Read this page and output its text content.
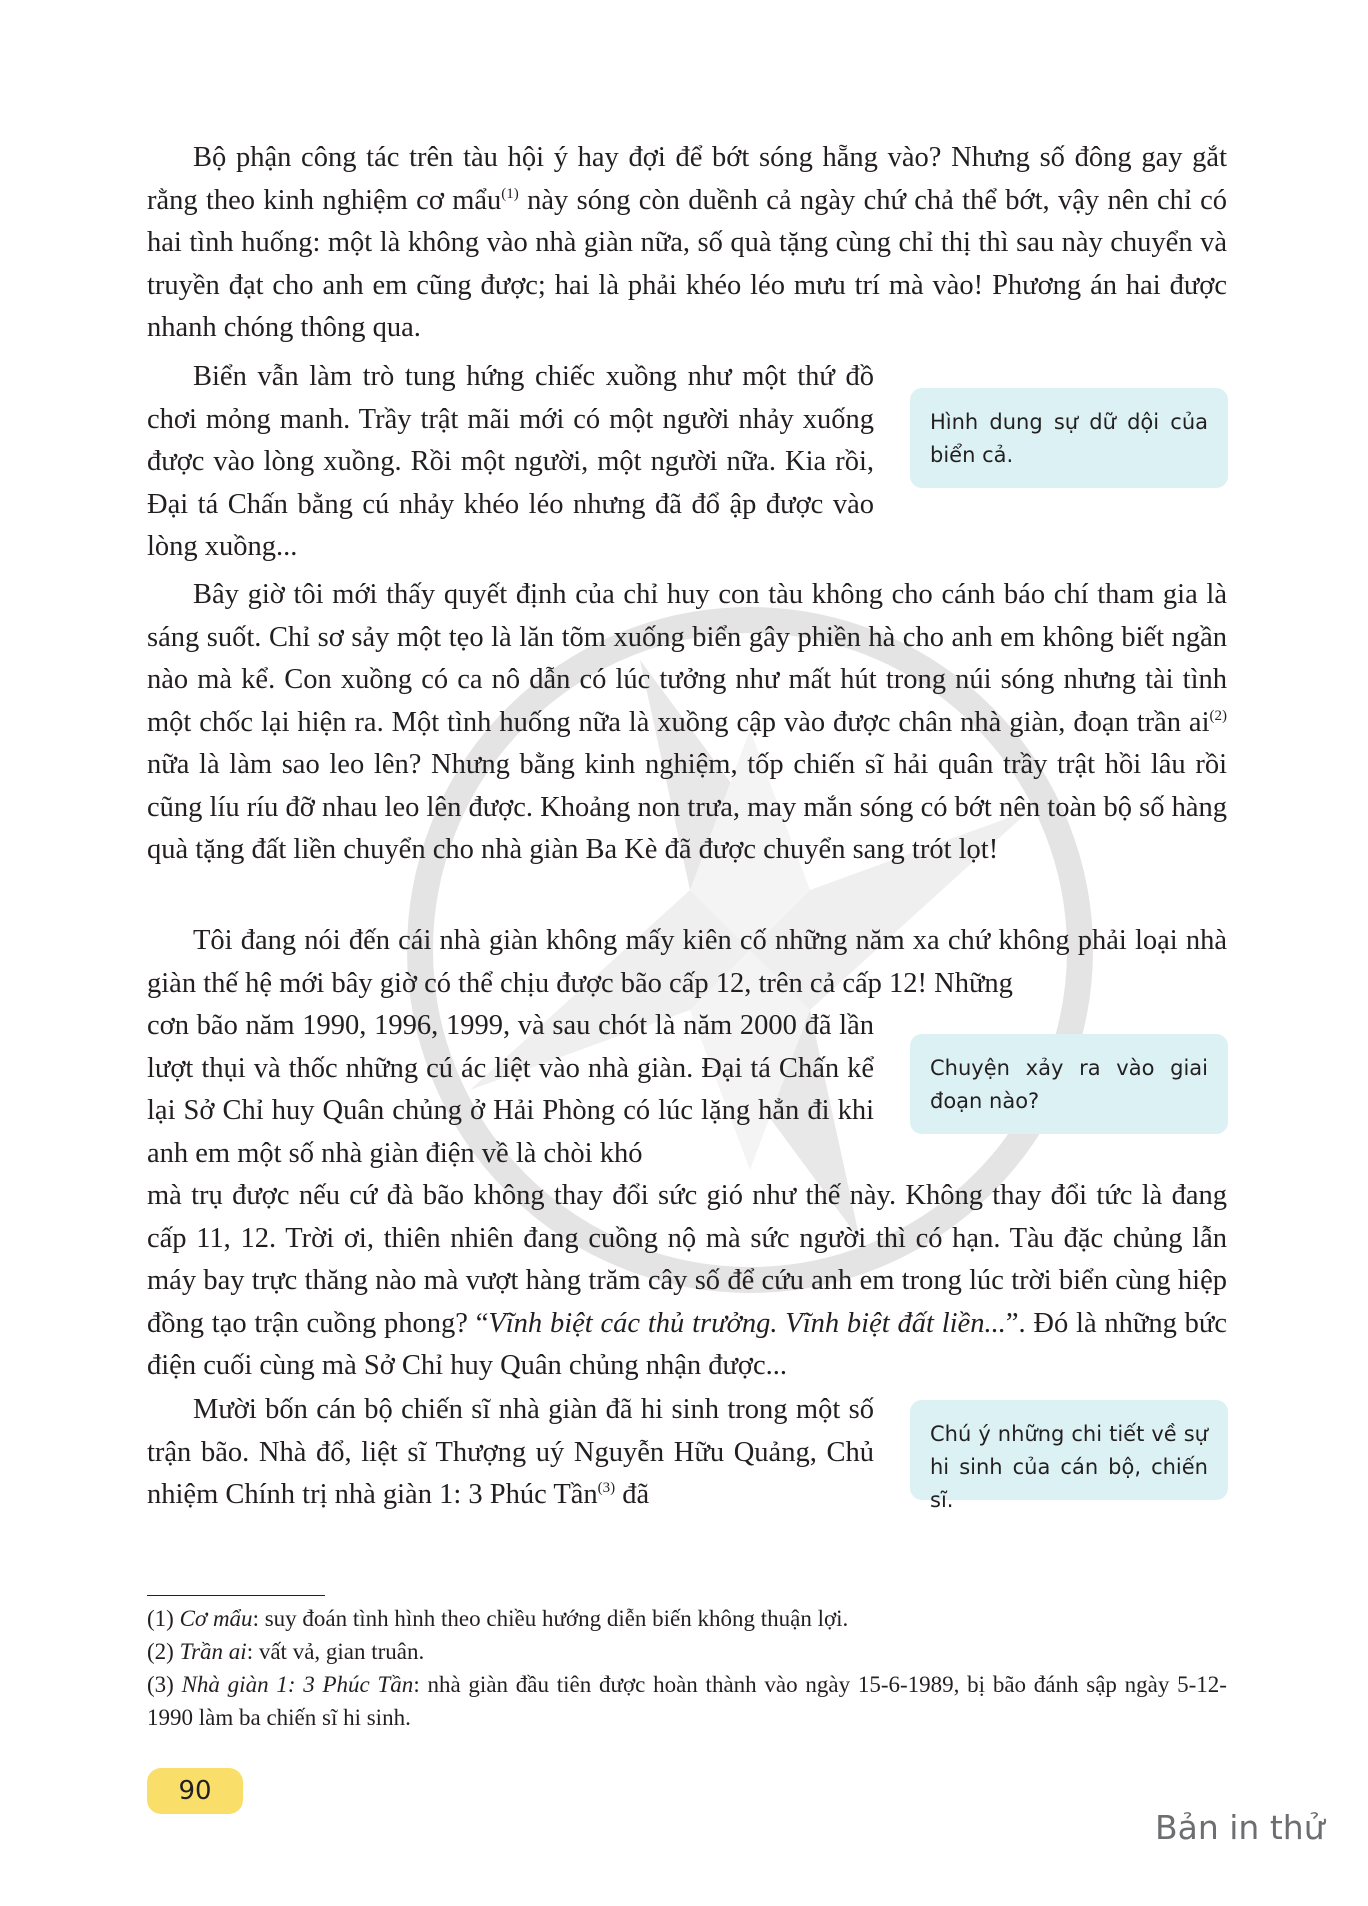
Bộ phận công tác trên tàu hội ý hay đợi để bớt sóng hẵng vào? Nhưng số đông gay gắt rằng theo kinh nghiệm cơ mẩu$^{(1)}$ này sóng còn duềnh cả ngày chứ chả thể bớt, vậy nên chỉ có hai tình huống: một là không vào nhà giàn nữa, số quà tặng cùng chỉ thị thì sau này chuyển và truyền đạt cho anh em cũng được; hai là phải khéo léo mưu trí mà vào! Phương án hai được nhanh chóng thông qua.

Biển vẫn làm trò tung hứng chiếc xuồng như một thứ đồ chơi mỏng manh. Trầy trật mãi mới có một người nhảy xuống được vào lòng xuồng. Rồi một người, một người nữa. Kia rồi, Đại tá Chấn bằng cú nhảy khéo léo nhưng đã đổ ập được vào lòng xuồng...

Hình dung sự dữ dội của biển cả.

Bây giờ tôi mới thấy quyết định của chỉ huy con tàu không cho cánh báo chí tham gia là sáng suốt. Chỉ sơ sảy một tẹo là lăn tõm xuống biển gây phiền hà cho anh em không biết ngần nào mà kể. Con xuồng có ca nô dẫn có lúc tưởng như mất hút trong núi sóng nhưng tài tình một chốc lại hiện ra. Một tình huống nữa là xuồng cập vào được chân nhà giàn, đoạn trần $ai^{(2)}$ nữa là làm sao leo lên? Nhưng bằng kinh nghiệm, tốp chiến sĩ hải quân trầy trật hồi lâu rồi cũng líu ríu đỡ nhau leo lên được. Khoảng non trưa, may mắn sóng có bớt nên toàn bộ số hàng quà tặng đất liền chuyển cho nhà giàn Ba Kè đã được chuyển sang trót lọt!

Tôi đang nói đến cái nhà giàn không mấy kiên cố những năm xa chứ không phải loại nhà giàn thế hệ mới bây giờ có thể chịu được bão cấp 12, trên cả cấp 12! Những

cơn bão năm 1990, 1996, 1999, và sau chót là năm 2000 đã lần lượt thụi và thốc những cú ác liệt vào nhà giàn. Đại tá Chấn kể lại Sở Chỉ huy Quân chủng ở Hải Phòng có lúc lặng hẳn đi khi anh em một số nhà giàn điện về là chòi khó

mà trụ được nếu cứ đà bão không thay đổi sức gió như thế này. Không thay đổi tức là đang cấp 11, 12. Trời ơi, thiên nhiên đang cuồng nộ mà sức người thì có hạn. Tàu đặc chủng lẫn máy bay trực thăng nào mà vượt hàng trăm cây số để cứu anh em trong lúc trời biển cùng hiệp đồng tạo trận cuồng phong? “Vĩnh biệt các thủ trưởng. Vĩnh biệt đất liền...”. Đó là những bức điện cuối cùng mà Sở Chỉ huy Quân chủng nhận được...

Chuyện xảy ra vào giai đoạn nào?

Mười bốn cán bộ chiến sĩ nhà giàn đã hi sinh trong một số trận bão. Nhà đổ, liệt sĩ Thượng uý Nguyễn Hữu Quảng, Chủ nhiệm Chính trị nhà giàn 1: 3 Phúc Tần$^{(3)}$ đã

Chú ý những chi tiết về sự hi sinh của cán bộ, chiến sĩ.

(1) Cơ mẩu: suy đoán tình hình theo chiều hướng diễn biến không thuận lợi.

(2) Trần ai: vất vả, gian truân.

(3) Nhà giàn 1: 3 Phúc Tần: nhà giàn đầu tiên được hoàn thành vào ngày 15-6-1989, bị bão đánh sập ngày 5-12-1990 làm ba chiến sĩ hi sinh.

90
Bản in thử
